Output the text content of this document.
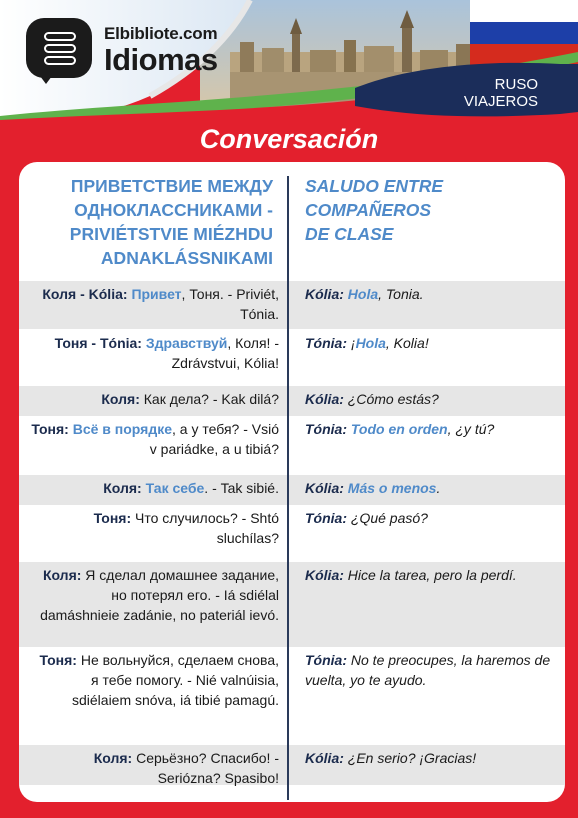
Elbibliote.com
Idiomas
RUSO
VIAJEROS
Conversación
ПРИВЕТСТВИЕ МЕЖДУ
ОДНОКЛАССНИКАМИ -
PRIVIÉTSTVIE MIÉZHDU
ADNAKLÁSSNIKAMI
SALUDO ENTRE
COMPAÑEROS
DE CLASE
Коля - Kólia: Привет, Тоня. - Priviét, Tónia.
Kólia: Hola, Tonia.
Тоня - Tónia: Здравствуй, Коля! - Zdrávstvui, Kólia!
Tónia: ¡Hola, Kolia!
Коля: Как дела? - Kak dilá? Kólia: ¿Cómo estás?
Тоня: Всё в порядке, а у тебя? - Vsió v pariádke, a u tibiá?
Tónia: Todo en orden, ¿y tú?
Коля: Так себе. - Tak sibié. Kólia: Más o menos.
Тоня: Что случилось? - Shtó sluchílas?
Tónia: ¿Qué pasó?
Коля: Я сделал домашнее задание, но потерял его. - Iá sdiélal damáshnieie zadánie, no pateriál ievó.
Kólia: Hice la tarea, pero la perdí.
Тоня: Не вольнуйся, сделаем снова, я тебе помогу. - Nié valnúisia, sdiélaiem snóva, iá tibié pamagú.
Tónia: No te preocupes, la haremos de vuelta, yo te ayudo.
Коля: Серьёзно? Спасибо! - Seriózna? Spasibo!
Kólia: ¿En serio? ¡Gracias!
